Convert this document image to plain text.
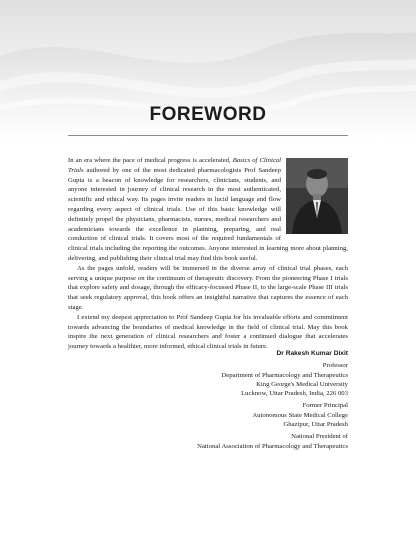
FOREWORD

In an era where the pace of medical progress is accelerated, Basics of Clinical Trials authored by one of the most dedicated pharmacologists Prof Sandeep Gupta is a beacon of knowledge for researchers, clinicians, students, and anyone interested in journey of clinical research in the most authenticated, scientific and ethical way. Its pages invite readers in lucid language and flow regarding every aspect of clinical trials. Use of this basic knowledge will definitely propel the physicians, pharmacists, nurses, medical researchers and academicians towards the excellence in planning, preparing, and real conduction of clinical trials. It covers most of the required fundamentals of clinical trials including the reporting the outcomes. Anyone interested in learning more about planning, delivering, and publishing their clinical trial may find this book useful.

As the pages unfold, readers will be immersed in the diverse array of clinical trial phases, each serving a unique purpose on the continuum of therapeutic discovery. From the pioneering Phase I trials that explore safety and dosage, through the efficacy-focussed Phase II, to the large-scale Phase III trials that seek regulatory approval, this book offers an insightful narrative that captures the essence of each stage.

I extend my deepest appreciation to Prof Sandeep Gupta for his invaluable efforts and commitment towards advancing the boundaries of medical knowledge in the field of clinical trial. May this book inspire the next generation of clinical researchers and foster a continued dialogue that accelerates journey towards a healthier, more informed, ethical clinical trials in future.

Dr Rakesh Kumar Dixit
Professor
Department of Pharmacology and Therapeutics
King George's Medical University
Lucknow, Uttar Pradesh, India, 226 003
Former Principal
Autonomous State Medical College
Ghazipur, Uttar Pradesh
National President of
National Association of Pharmacology and Therapeutics
